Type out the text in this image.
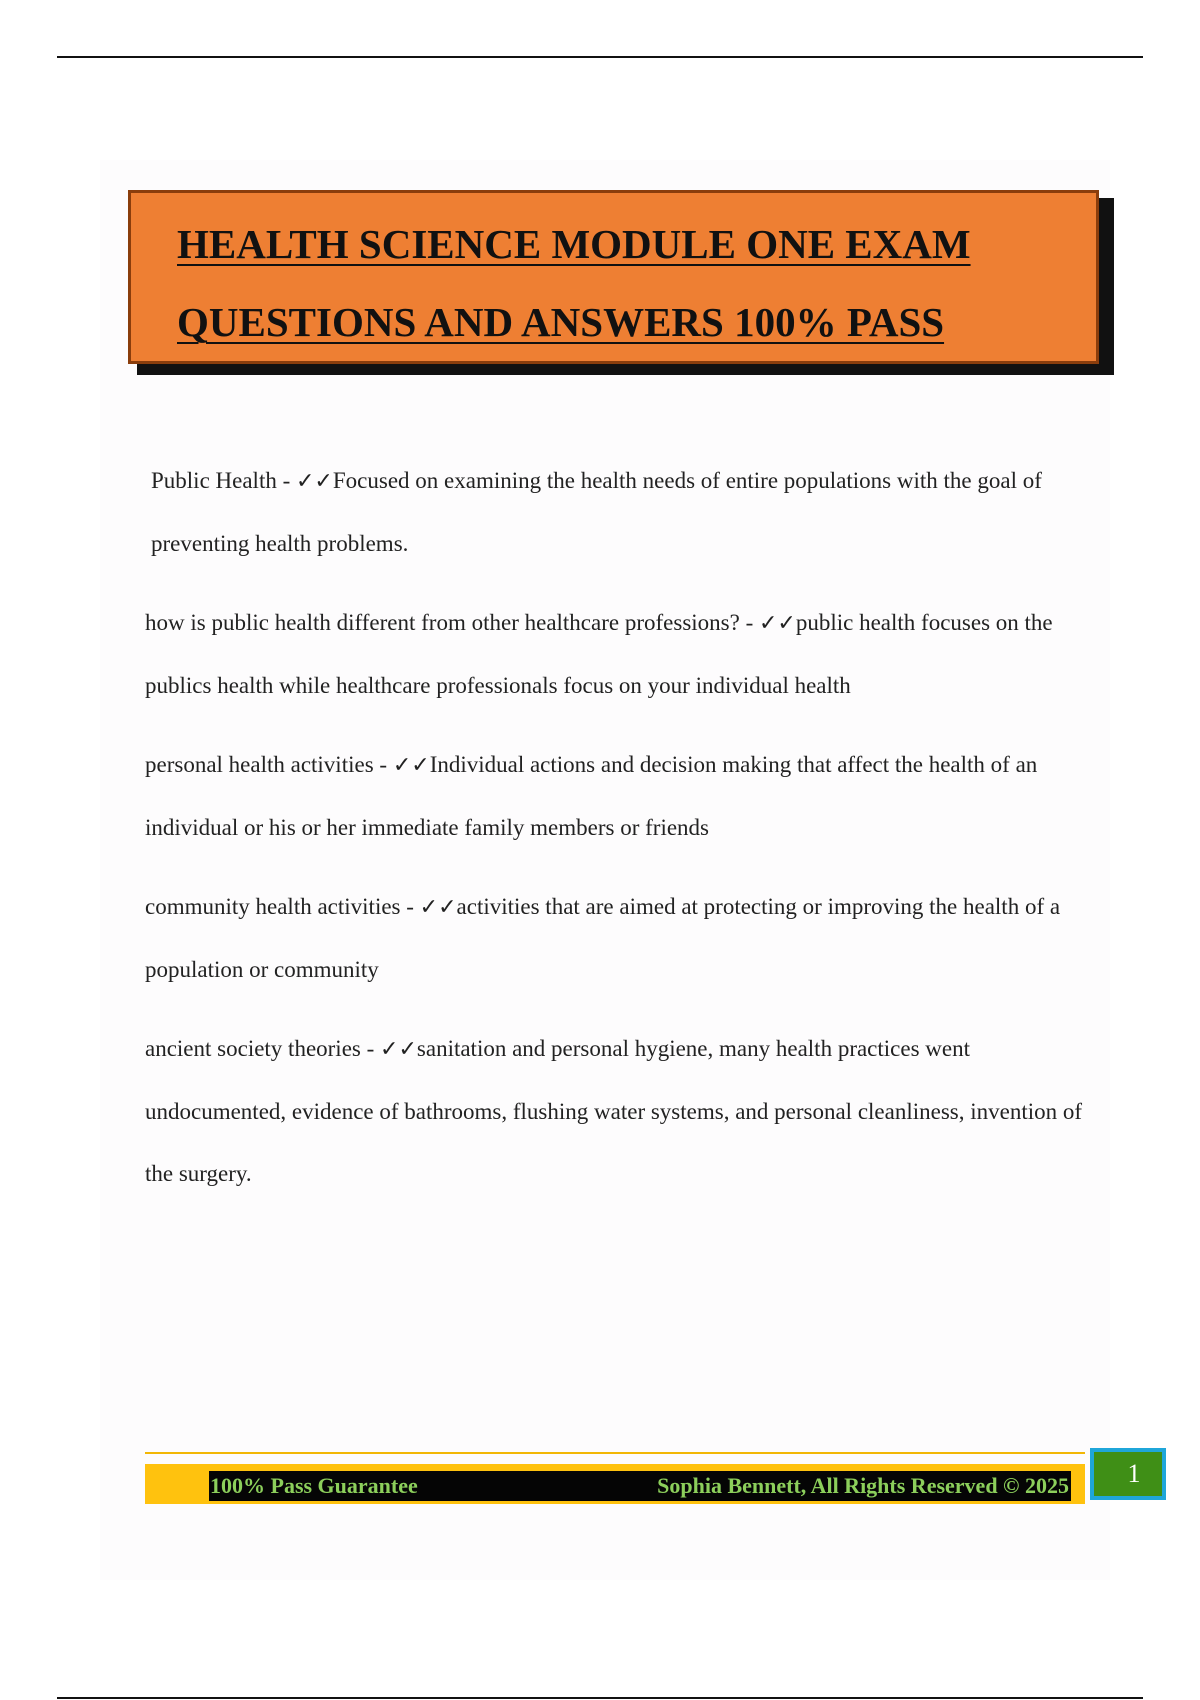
HEALTH SCIENCE MODULE ONE EXAM

QUESTIONS AND ANSWERS 100% PASS

Public Health - ✓✓Focused on examining the health needs of entire populations with the goal of preventing health problems.

how is public health different from other healthcare professions? - ✓✓public health focuses on the publics health while healthcare professionals focus on your individual health

personal health activities - ✓✓Individual actions and decision making that affect the health of an individual or his or her immediate family members or friends

community health activities - ✓✓activities that are aimed at protecting or improving the health of a population or community

ancient society theories - ✓✓sanitation and personal hygiene, many health practices went undocumented, evidence of bathrooms, flushing water systems, and personal cleanliness, invention of the surgery.

100% Pass Guarantee	Sophia Bennett, All Rights Reserved © 2025	1
